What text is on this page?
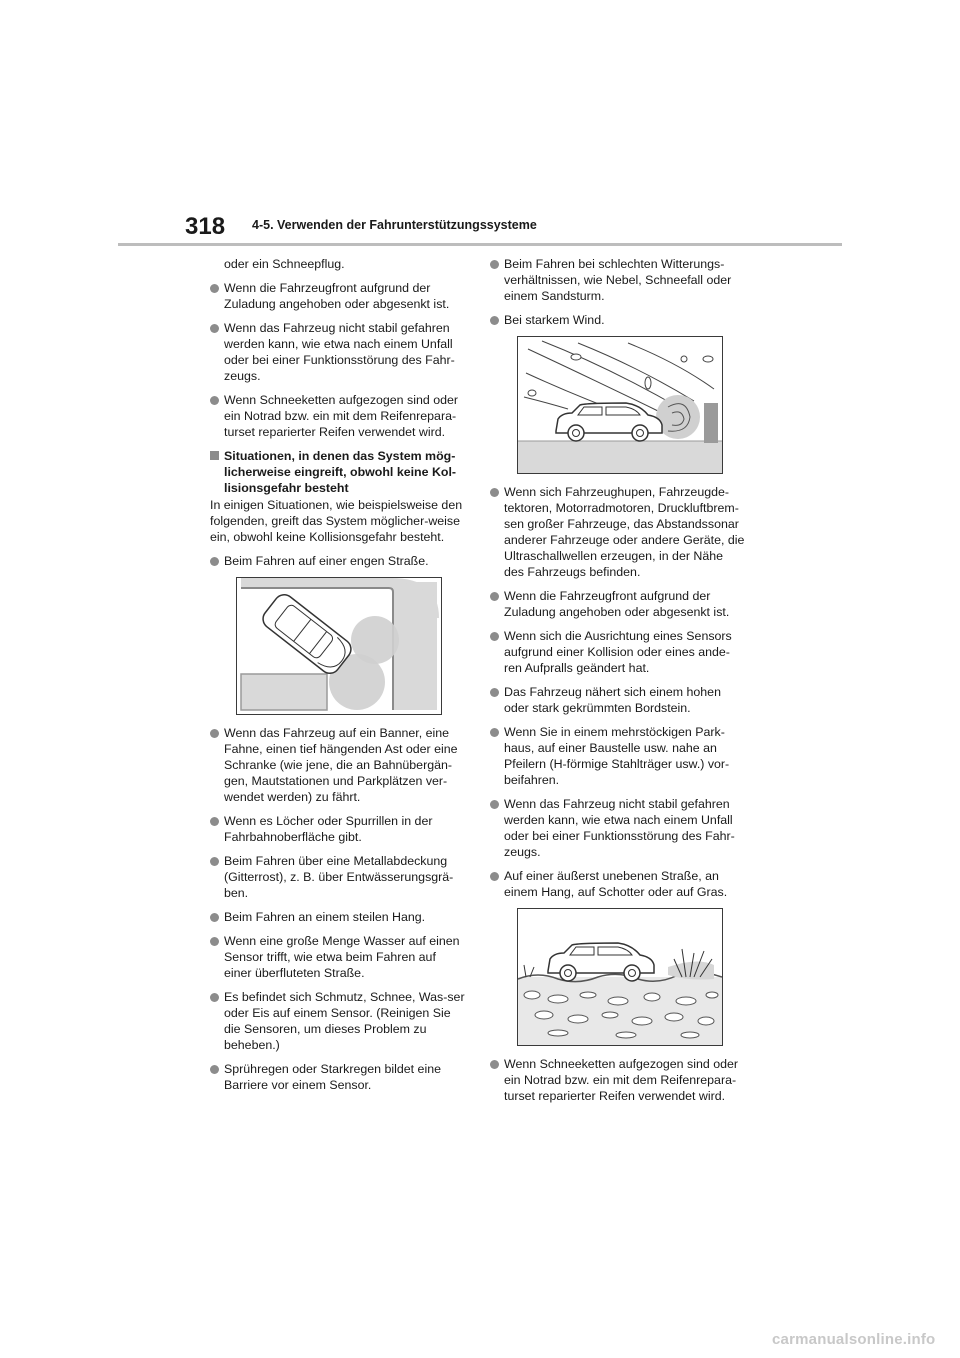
318 4-5. Verwenden der Fahrunterstützungssysteme

oder ein Schneepflug.

Wenn die Fahrzeugfront aufgrund der Zuladung angehoben oder abgesenkt ist.
Wenn das Fahrzeug nicht stabil gefahren werden kann, wie etwa nach einem Unfall oder bei einer Funktionsstörung des Fahr-zeugs.
Wenn Schneeketten aufgezogen sind oder ein Notrad bzw. ein mit dem Reifenrepara-turset reparierter Reifen verwendet wird.
Situationen, in denen das System mög-licherweise eingreift, obwohl keine Kol-lisionsgefahr besteht

In einigen Situationen, wie beispielsweise den folgenden, greift das System möglicher-weise ein, obwohl keine Kollisionsgefahr besteht.

Beim Fahren auf einer engen Straße.
Wenn das Fahrzeug auf ein Banner, eine Fahne, einen tief hängenden Ast oder eine Schranke (wie jene, die an Bahnübergän-gen, Mautstationen und Parkplätzen ver-wendet werden) zu fährt.
Wenn es Löcher oder Spurrillen in der Fahrbahnoberfläche gibt.
Beim Fahren über eine Metallabdeckung (Gitterrost), z. B. über Entwässerungsgrä-ben.
Beim Fahren an einem steilen Hang.
Wenn eine große Menge Wasser auf einen Sensor trifft, wie etwa beim Fahren auf einer überfluteten Straße.
Es befindet sich Schmutz, Schnee, Was-ser oder Eis auf einem Sensor. (Reinigen Sie die Sensoren, um dieses Problem zu beheben.)
Sprühregen oder Starkregen bildet eine Barriere vor einem Sensor.
Beim Fahren bei schlechten Witterungs-verhältnissen, wie Nebel, Schneefall oder einem Sandsturm.
Bei starkem Wind.
Wenn sich Fahrzeughupen, Fahrzeugde-tektoren, Motorradmotoren, Druckluftbrem-sen großer Fahrzeuge, das Abstandssonar anderer Fahrzeuge oder andere Geräte, die Ultraschallwellen erzeugen, in der Nähe des Fahrzeugs befinden.
Wenn die Fahrzeugfront aufgrund der Zuladung angehoben oder abgesenkt ist.
Wenn sich die Ausrichtung eines Sensors aufgrund einer Kollision oder eines ande-ren Aufpralls geändert hat.
Das Fahrzeug nähert sich einem hohen oder stark gekrümmten Bordstein.
Wenn Sie in einem mehrstöckigen Park-haus, auf einer Baustelle usw. nahe an Pfeilern (H-förmige Stahlträger usw.) vor-beifahren.
Wenn das Fahrzeug nicht stabil gefahren werden kann, wie etwa nach einem Unfall oder bei einer Funktionsstörung des Fahr-zeugs.
Auf einer äußerst unebenen Straße, an einem Hang, auf Schotter oder auf Gras.
Wenn Schneeketten aufgezogen sind oder ein Notrad bzw. ein mit dem Reifenrepara-turset reparierter Reifen verwendet wird.
carmanualsonline.info
